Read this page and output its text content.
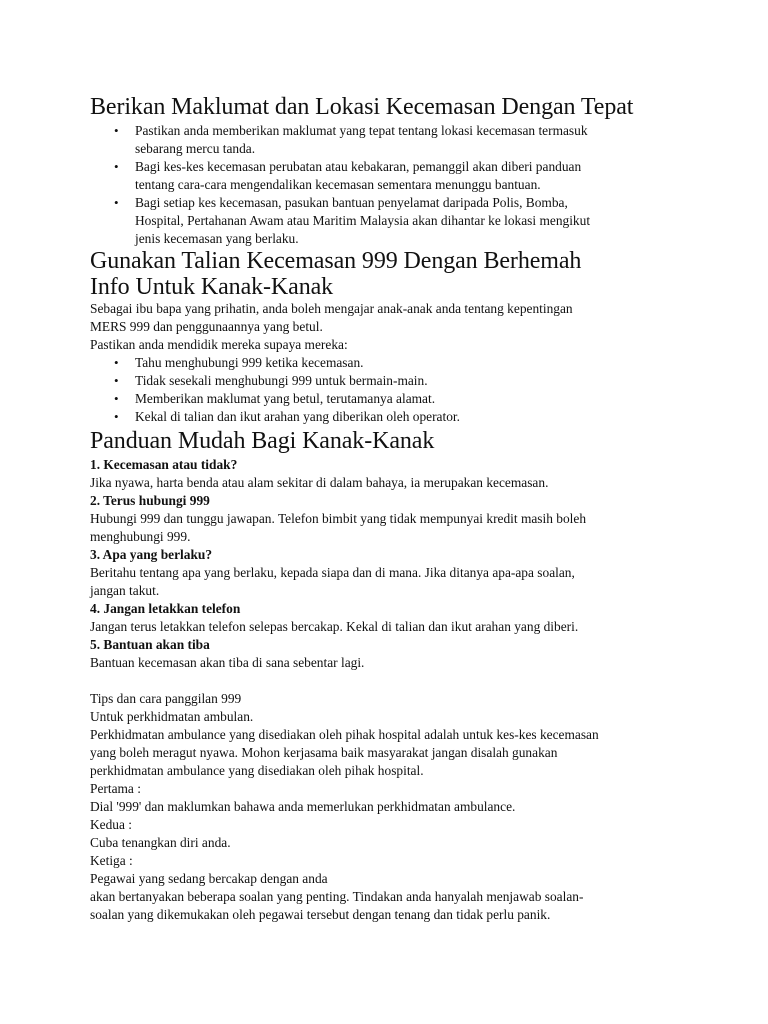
Berikan Maklumat dan Lokasi Kecemasan Dengan Tepat
• Pastikan anda memberikan maklumat yang tepat tentang lokasi kecemasan termasuk
sebarang mercu tanda.
• Bagi kes-kes kecemasan perubatan atau kebakaran, pemanggil akan diberi panduan
tentang cara-cara mengendalikan kecemasan sementara menunggu bantuan.
• Bagi setiap kes kecemasan, pasukan bantuan penyelamat daripada Polis, Bomba,
Hospital, Pertahanan Awam atau Maritim Malaysia akan dihantar ke lokasi mengikut
jenis kecemasan yang berlaku.
Gunakan Talian Kecemasan 999 Dengan Berhemah
Info Untuk Kanak-Kanak

Sebagai ibu bapa yang prihatin, anda boleh mengajar anak-anak anda tentang kepentingan

MERS 999 dan penggunaannya yang betul.

Pastikan anda mendidik mereka supaya mereka:

• Tahu menghubungi 999 ketika kecemasan.
• Tidak sesekali menghubungi 999 untuk bermain-main.
• Memberikan maklumat yang betul, terutamanya alamat.
• Kekal di talian dan ikut arahan yang diberikan oleh operator.
Panduan Mudah Bagi Kanak-Kanak

1. Kecemasan atau tidak?

Jika nyawa, harta benda atau alam sekitar di dalam bahaya, ia merupakan kecemasan.

2. Terus hubungi 999

Hubungi 999 dan tunggu jawapan. Telefon bimbit yang tidak mempunyai kredit masih boleh

menghubungi 999.

3. Apa yang berlaku?

Beritahu tentang apa yang berlaku, kepada siapa dan di mana. Jika ditanya apa-apa soalan,

jangan takut.

4. Jangan letakkan telefon

Jangan terus letakkan telefon selepas bercakap. Kekal di talian dan ikut arahan yang diberi.

5. Bantuan akan tiba

Bantuan kecemasan akan tiba di sana sebentar lagi.

Tips dan cara panggilan 999

Untuk perkhidmatan ambulan.

Perkhidmatan ambulance yang disediakan oleh pihak hospital adalah untuk kes-kes kecemasan

yang boleh meragut nyawa. Mohon kerjasama baik masyarakat jangan disalah gunakan

perkhidmatan ambulance yang disediakan oleh pihak hospital.

Pertama :

Dial '999' dan maklumkan bahawa anda memerlukan perkhidmatan ambulance.

Kedua :

Cuba tenangkan diri anda.

Ketiga :

Pegawai yang sedang bercakap dengan anda

akan bertanyakan beberapa soalan yang penting. Tindakan anda hanyalah menjawab soalan-

soalan yang dikemukakan oleh pegawai tersebut dengan tenang dan tidak perlu panik.
